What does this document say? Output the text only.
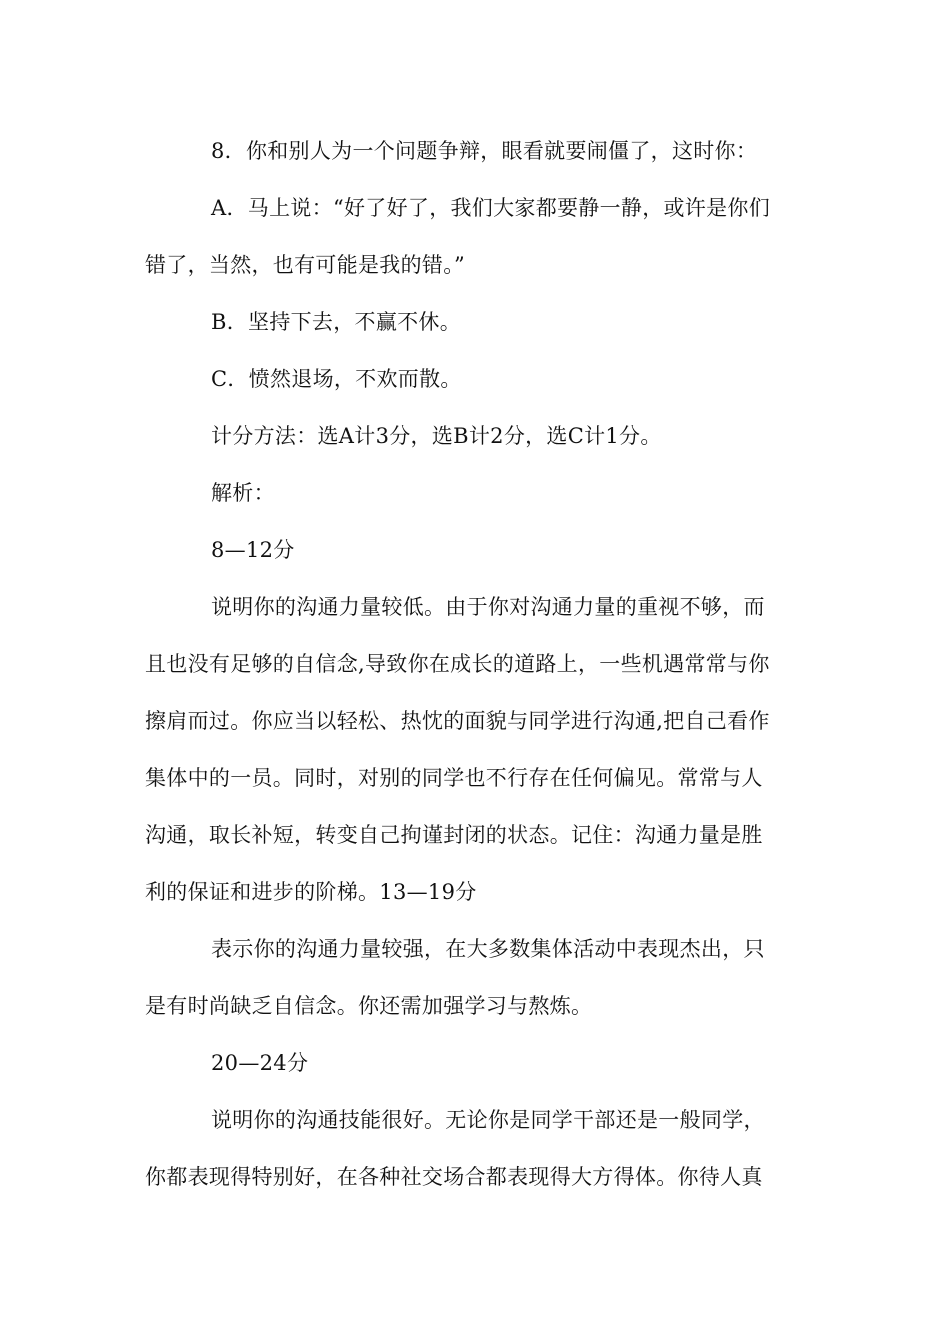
8．你和别人为一个问题争辩，眼看就要闹僵了，这时你：
A．马上说：“好了好了，我们大家都要静一静，或许是你们
错了，当然，也有可能是我的错。”
B．坚持下去，不赢不休。
C．愤然退场，不欢而散。
计分方法：选A计3分，选B计2分，选C计1分。
解析：
8—12分
说明你的沟通力量较低。由于你对沟通力量的重视不够，而
且也没有足够的自信念,导致你在成长的道路上，一些机遇常常与你
擦肩而过。你应当以轻松、热忱的面貌与同学进行沟通,把自己看作
集体中的一员。同时，对别的同学也不行存在任何偏见。常常与人
沟通，取长补短，转变自己拘谨封闭的状态。记住：沟通力量是胜
利的保证和进步的阶梯。13—19分
表示你的沟通力量较强，在大多数集体活动中表现杰出，只
是有时尚缺乏自信念。你还需加强学习与熬炼。
20—24分
说明你的沟通技能很好。无论你是同学干部还是一般同学，
你都表现得特别好，在各种社交场合都表现得大方得体。你待人真
